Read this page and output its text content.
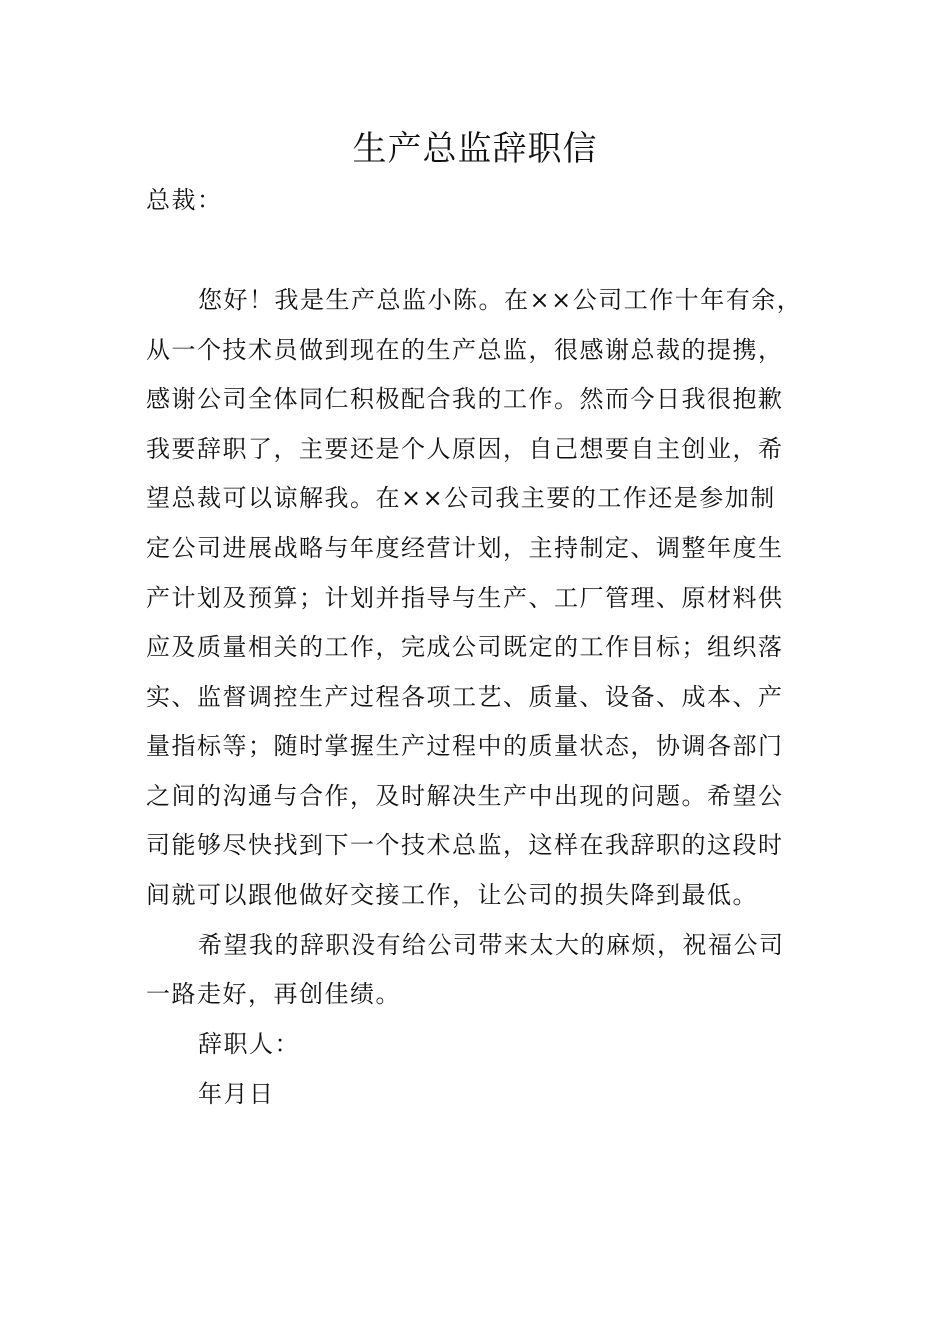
生产总监辞职信
总裁：
您好！我是生产总监小陈。在××公司工作十年有余，
从一个技术员做到现在的生产总监，很感谢总裁的提携，
感谢公司全体同仁积极配合我的工作。然而今日我很抱歉
我要辞职了，主要还是个人原因，自己想要自主创业，希
望总裁可以谅解我。在××公司我主要的工作还是参加制
定公司进展战略与年度经营计划，主持制定、调整年度生
产计划及预算；计划并指导与生产、工厂管理、原材料供
应及质量相关的工作，完成公司既定的工作目标；组织落
实、监督调控生产过程各项工艺、质量、设备、成本、产
量指标等；随时掌握生产过程中的质量状态，协调各部门
之间的沟通与合作，及时解决生产中出现的问题。希望公
司能够尽快找到下一个技术总监，这样在我辞职的这段时
间就可以跟他做好交接工作，让公司的损失降到最低。
希望我的辞职没有给公司带来太大的麻烦，祝福公司
一路走好，再创佳绩。
辞职人：
年月日
